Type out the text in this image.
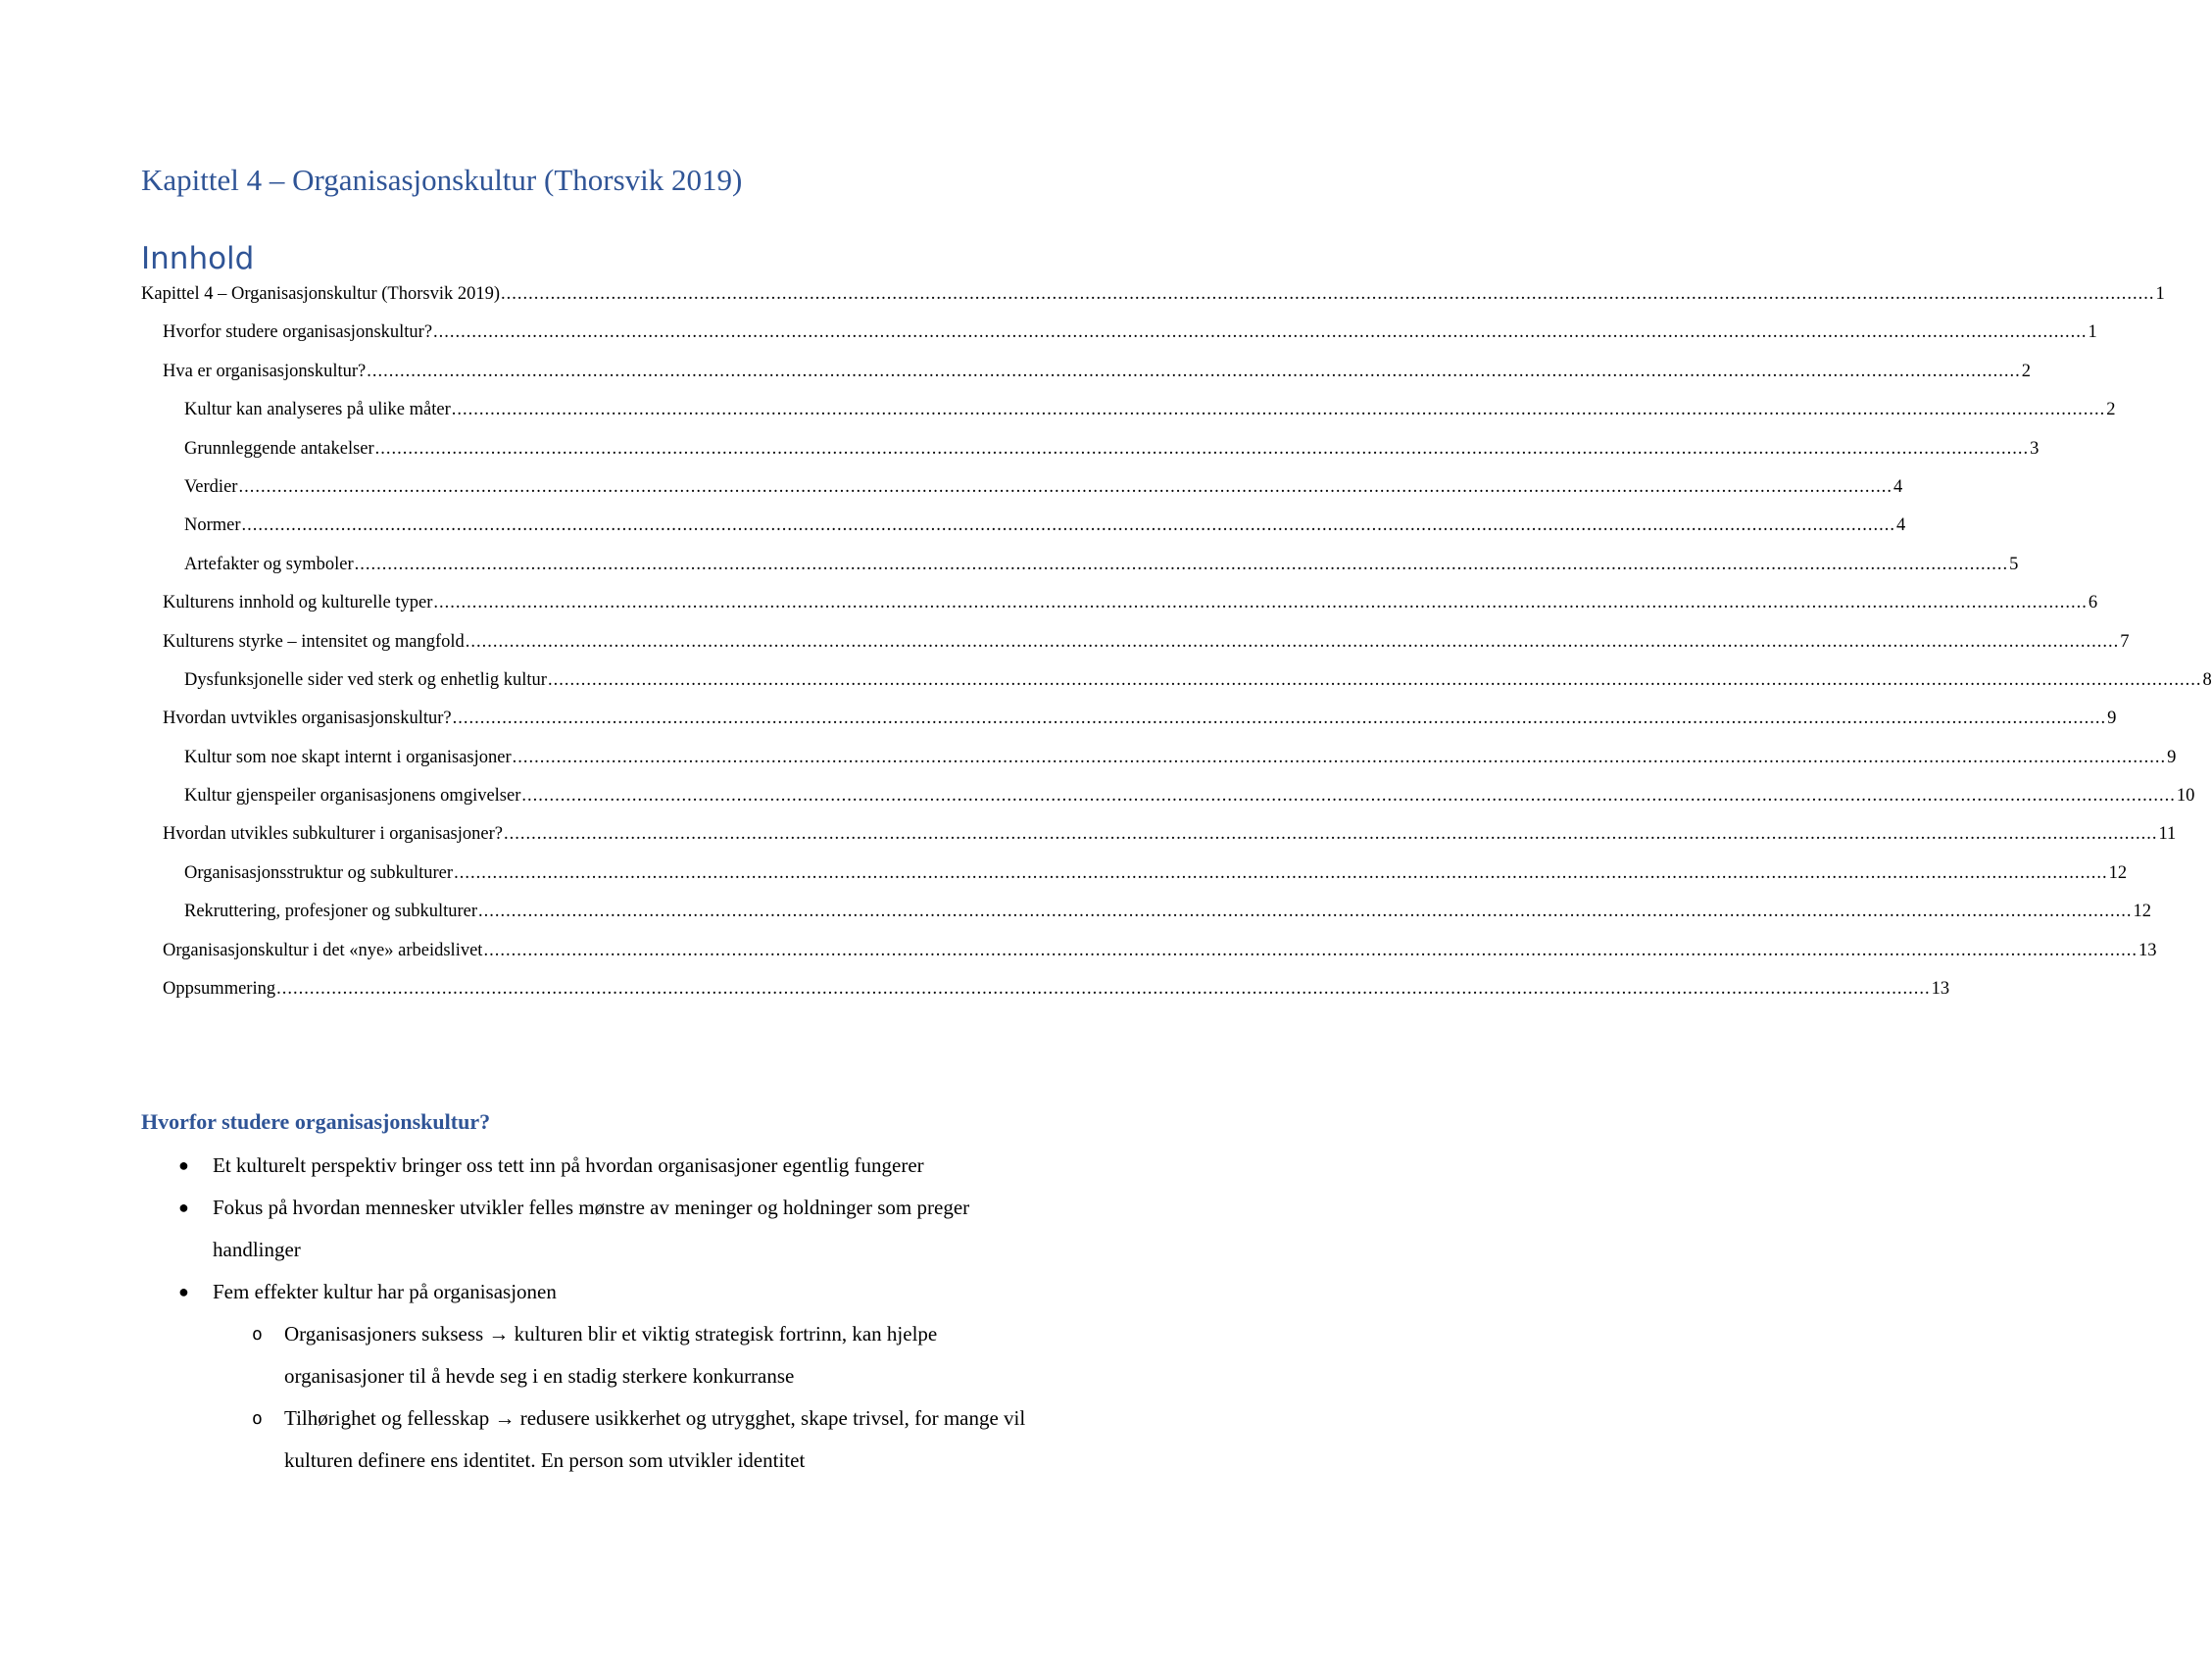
Kapittel 4 – Organisasjonskultur (Thorsvik 2019)
Innhold
Kapittel 4 – Organisasjonskultur (Thorsvik 2019) ............................................................................................................................................................................................................................................................................................................ 1
Hvorfor studere organisasjonskultur? ............................................................................................................................................................................................................................................................................................................ 1
Hva er organisasjonskultur? ............................................................................................................................................................................................................................................................................................................ 2
Kultur kan analyseres på ulike måter ............................................................................................................................................................................................................................................................................................................ 2
Grunnleggende antakelser ............................................................................................................................................................................................................................................................................................................ 3
Verdier ............................................................................................................................................................................................................................................................................................................ 4
Normer ............................................................................................................................................................................................................................................................................................................ 4
Artefakter og symboler ............................................................................................................................................................................................................................................................................................................ 5
Kulturens innhold og kulturelle typer ............................................................................................................................................................................................................................................................................................................ 6
Kulturens styrke – intensitet og mangfold ............................................................................................................................................................................................................................................................................................................ 7
Dysfunksjonelle sider ved sterk og enhetlig kultur ............................................................................................................................................................................................................................................................................................................ 8
Hvordan uvtvikles organisasjonskultur? ............................................................................................................................................................................................................................................................................................................ 9
Kultur som noe skapt internt i organisasjoner ............................................................................................................................................................................................................................................................................................................ 9
Kultur gjenspeiler organisasjonens omgivelser ............................................................................................................................................................................................................................................................................................................ 10
Hvordan utvikles subkulturer i organisasjoner? ............................................................................................................................................................................................................................................................................................................ 11
Organisasjonsstruktur og subkulturer ............................................................................................................................................................................................................................................................................................................ 12
Rekruttering, profesjoner og subkulturer ............................................................................................................................................................................................................................................................................................................ 12
Organisasjonskultur i det «nye» arbeidslivet ............................................................................................................................................................................................................................................................................................................ 13
Oppsummering ............................................................................................................................................................................................................................................................................................................ 13
Hvorfor studere organisasjonskultur?
● Et kulturelt perspektiv bringer oss tett inn på hvordan organisasjoner egentlig fungerer
● Fokus på hvordan mennesker utvikler felles mønstre av meninger og holdninger som preger handlinger
● Fem effekter kultur har på organisasjonen
o Organisasjoners suksess → kulturen blir et viktig strategisk fortrinn, kan hjelpe organisasjoner til å hevde seg i en stadig sterkere konkurranse
o Tilhørighet og fellesskap → redusere usikkerhet og utrygghet, skape trivsel, for mange vil kulturen definere ens identitet. En person som utvikler identitet
